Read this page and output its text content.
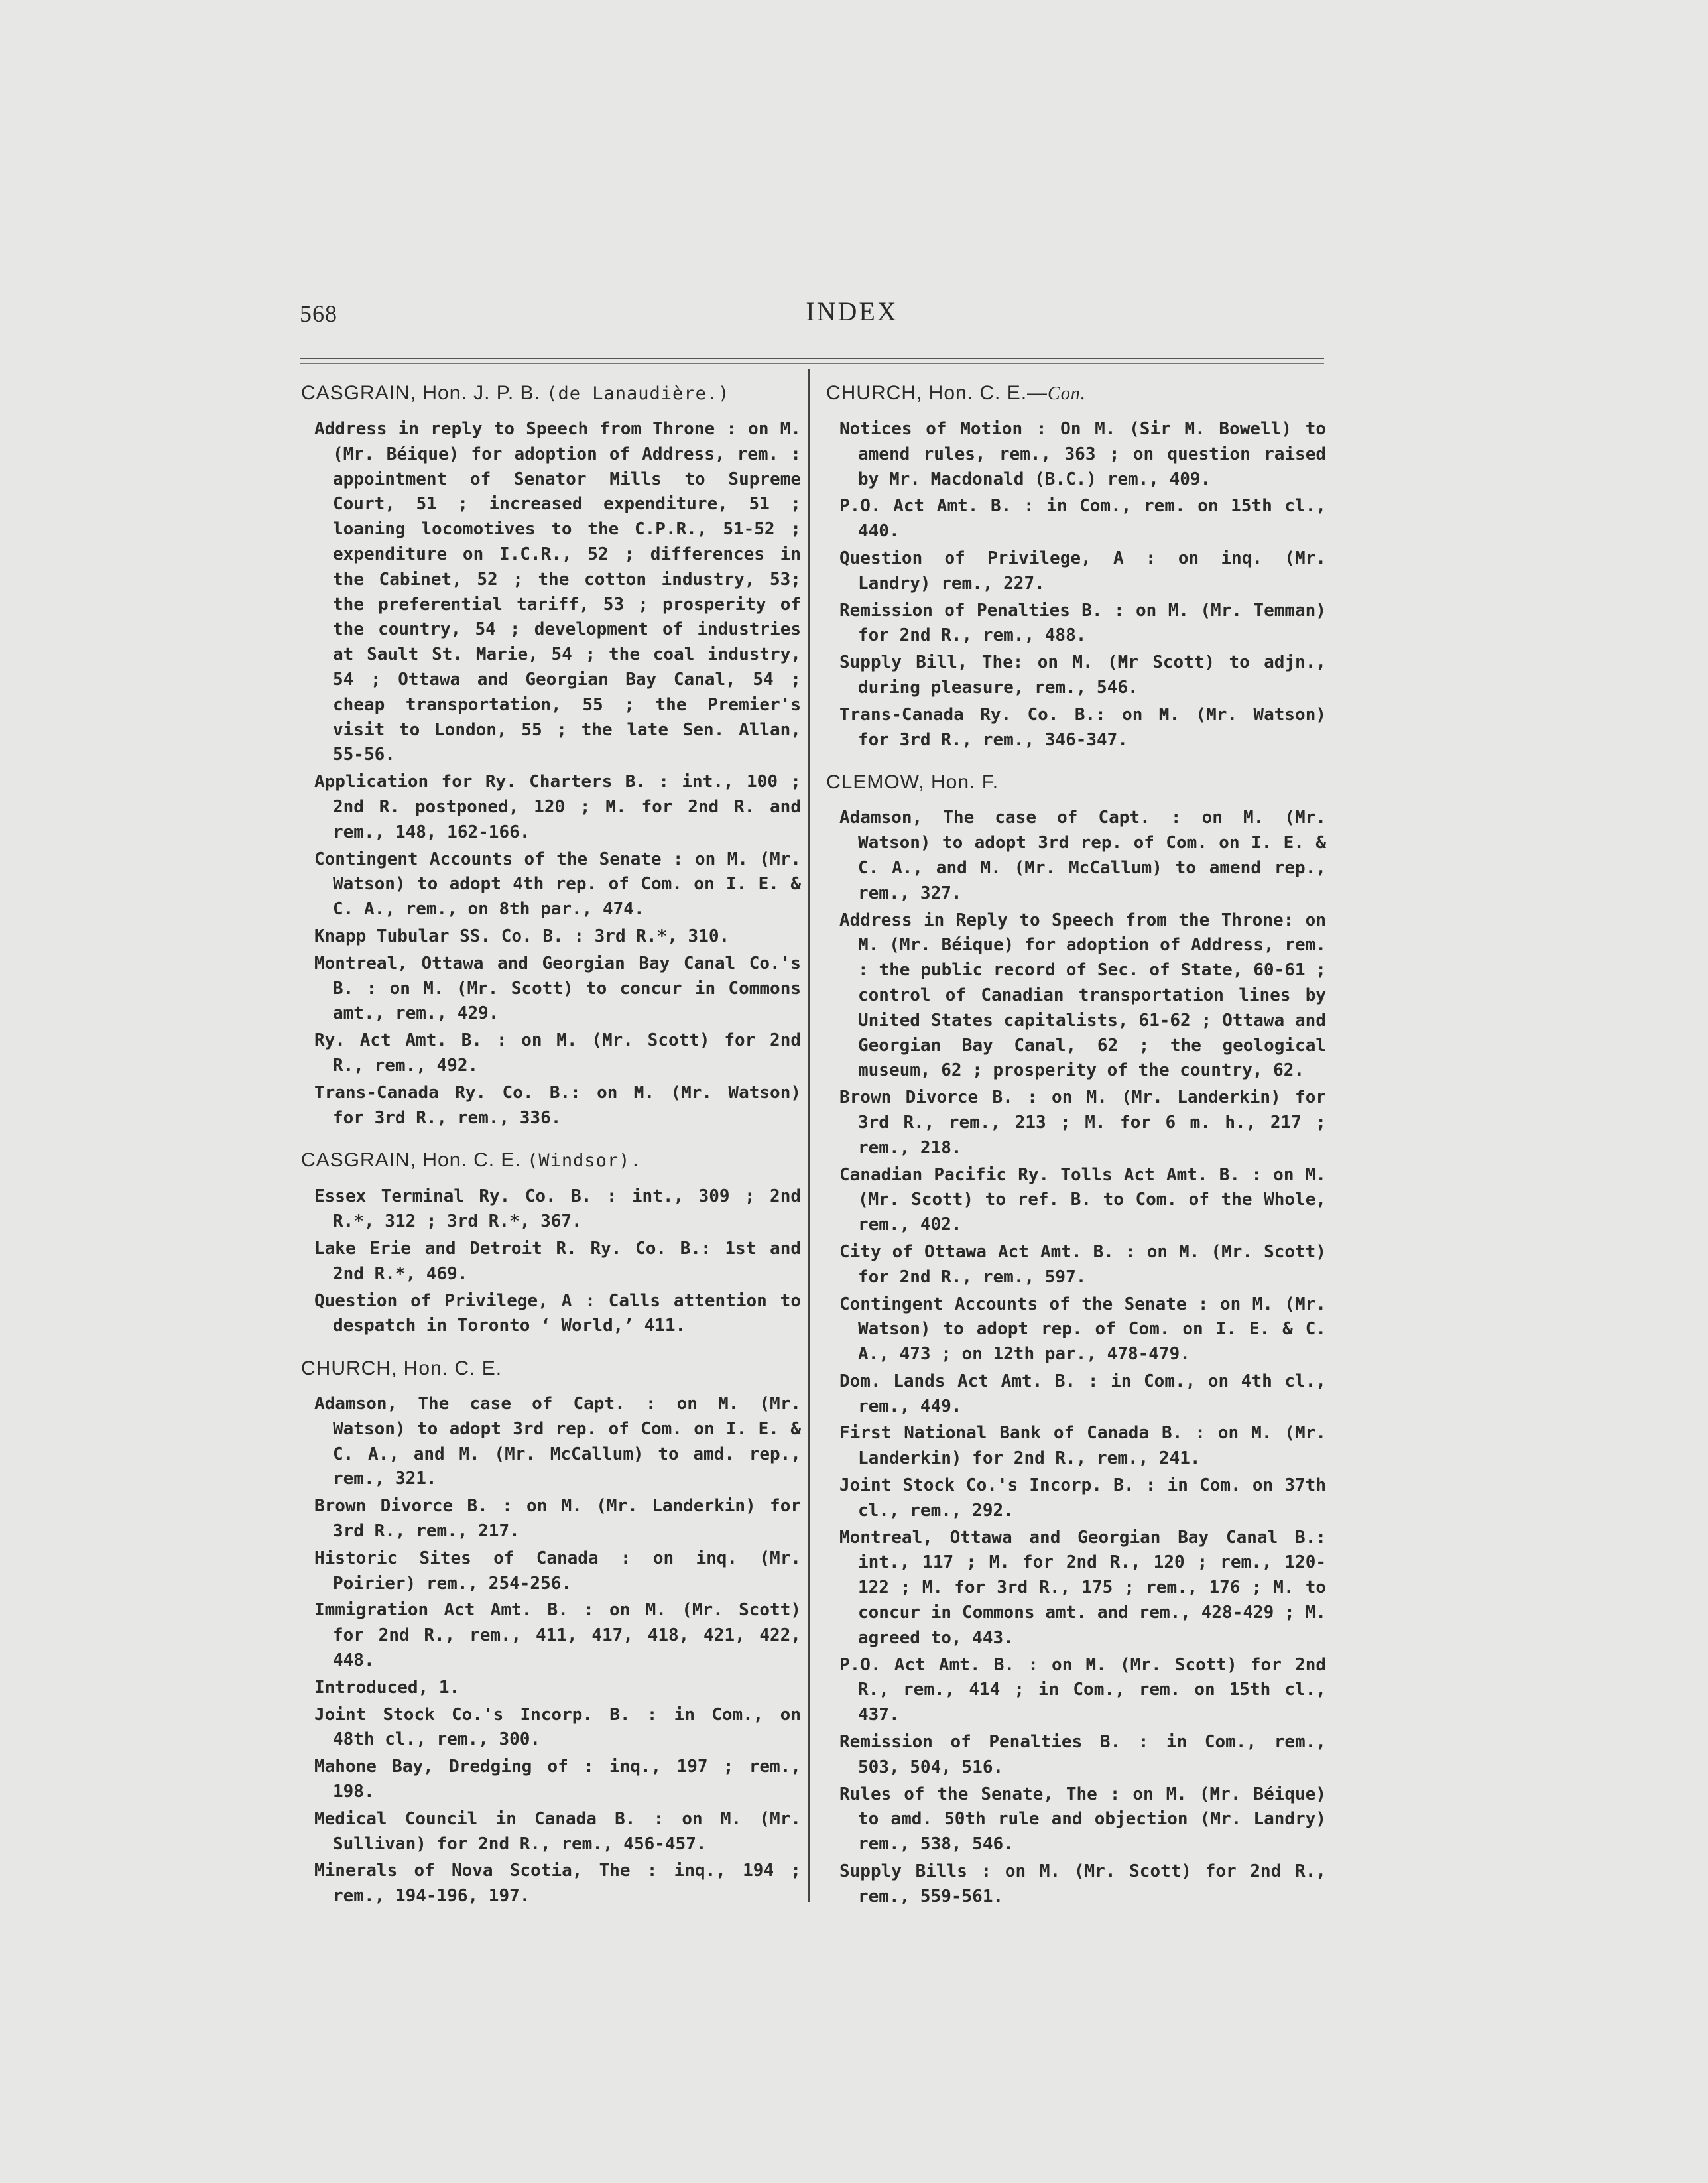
568	INDEX
CASGRAIN, Hon. J. P. B. (de Lanaudière.)
Address in reply to Speech from Throne : on M. (Mr. Béique) for adoption of Address, rem. : appointment of Senator Mills to Supreme Court, 51 ; increased expenditure, 51 ; loaning locomotives to the C.P.R., 51-52 ; expenditure on I.C.R., 52 ; differences in the Cabinet, 52 ; the cotton industry, 53; the preferential tariff, 53 ; prosperity of the country, 54 ; development of industries at Sault St. Marie, 54 ; the coal industry, 54 ; Ottawa and Georgian Bay Canal, 54 ; cheap transportation, 55 ; the Premier's visit to London, 55 ; the late Sen. Allan, 55-56.
Application for Ry. Charters B. : int., 100 ; 2nd R. postponed, 120 ; M. for 2nd R. and rem., 148, 162-166.
Contingent Accounts of the Senate : on M. (Mr. Watson) to adopt 4th rep. of Com. on I. E. & C. A., rem., on 8th par., 474.
Knapp Tubular SS. Co. B. : 3rd R.*, 310.
Montreal, Ottawa and Georgian Bay Canal Co.'s B. : on M. (Mr. Scott) to concur in Commons amt., rem., 429.
Ry. Act Amt. B. : on M. (Mr. Scott) for 2nd R., rem., 492.
Trans-Canada Ry. Co. B.: on M. (Mr. Watson) for 3rd R., rem., 336.
CASGRAIN, Hon. C. E. (Windsor).
Essex Terminal Ry. Co. B. : int., 309 ; 2nd R.*, 312 ; 3rd R.*, 367.
Lake Erie and Detroit R. Ry. Co. B.: 1st and 2nd R.*, 469.
Question of Privilege, A : Calls attention to despatch in Toronto ‘ World,’ 411.
CHURCH, Hon. C. E.
Adamson, The case of Capt. : on M. (Mr. Watson) to adopt 3rd rep. of Com. on I. E. & C. A., and M. (Mr. McCallum) to amd. rep., rem., 321.
Brown Divorce B. : on M. (Mr. Landerkin) for 3rd R., rem., 217.
Historic Sites of Canada : on inq. (Mr. Poirier) rem., 254-256.
Immigration Act Amt. B. : on M. (Mr. Scott) for 2nd R., rem., 411, 417, 418, 421, 422, 448.
Introduced, 1.
Joint Stock Co.'s Incorp. B. : in Com., on 48th cl., rem., 300.
Mahone Bay, Dredging of : inq., 197 ; rem., 198.
Medical Council in Canada B. : on M. (Mr. Sullivan) for 2nd R., rem., 456-457.
Minerals of Nova Scotia, The : inq., 194 ; rem., 194-196, 197.
CHURCH, Hon. C. E.—Con.
Notices of Motion : On M. (Sir M. Bowell) to amend rules, rem., 363 ; on question raised by Mr. Macdonald (B.C.) rem., 409.
P.O. Act Amt. B. : in Com., rem. on 15th cl., 440.
Question of Privilege, A : on inq. (Mr. Landry) rem., 227.
Remission of Penalties B. : on M. (Mr. Temman) for 2nd R., rem., 488.
Supply Bill, The: on M. (Mr Scott) to adjn., during pleasure, rem., 546.
Trans-Canada Ry. Co. B.: on M. (Mr. Watson) for 3rd R., rem., 346-347.
CLEMOW, Hon. F.
Adamson, The case of Capt. : on M. (Mr. Watson) to adopt 3rd rep. of Com. on I. E. & C. A., and M. (Mr. McCallum) to amend rep., rem., 327.
Address in Reply to Speech from the Throne: on M. (Mr. Béique) for adoption of Address, rem. : the public record of Sec. of State, 60-61 ; control of Canadian transportation lines by United States capitalists, 61-62 ; Ottawa and Georgian Bay Canal, 62 ; the geological museum, 62 ; prosperity of the country, 62.
Brown Divorce B. : on M. (Mr. Landerkin) for 3rd R., rem., 213 ; M. for 6 m. h., 217 ; rem., 218.
Canadian Pacific Ry. Tolls Act Amt. B. : on M. (Mr. Scott) to ref. B. to Com. of the Whole, rem., 402.
City of Ottawa Act Amt. B. : on M. (Mr. Scott) for 2nd R., rem., 597.
Contingent Accounts of the Senate : on M. (Mr. Watson) to adopt rep. of Com. on I. E. & C. A., 473 ; on 12th par., 478-479.
Dom. Lands Act Amt. B. : in Com., on 4th cl., rem., 449.
First National Bank of Canada B. : on M. (Mr. Landerkin) for 2nd R., rem., 241.
Joint Stock Co.'s Incorp. B. : in Com. on 37th cl., rem., 292.
Montreal, Ottawa and Georgian Bay Canal B.: int., 117 ; M. for 2nd R., 120 ; rem., 120-122 ; M. for 3rd R., 175 ; rem., 176 ; M. to concur in Commons amt. and rem., 428-429 ; M. agreed to, 443.
P.O. Act Amt. B. : on M. (Mr. Scott) for 2nd R., rem., 414 ; in Com., rem. on 15th cl., 437.
Remission of Penalties B. : in Com., rem., 503, 504, 516.
Rules of the Senate, The : on M. (Mr. Béique) to amd. 50th rule and objection (Mr. Landry) rem., 538, 546.
Supply Bills : on M. (Mr. Scott) for 2nd R., rem., 559-561.
